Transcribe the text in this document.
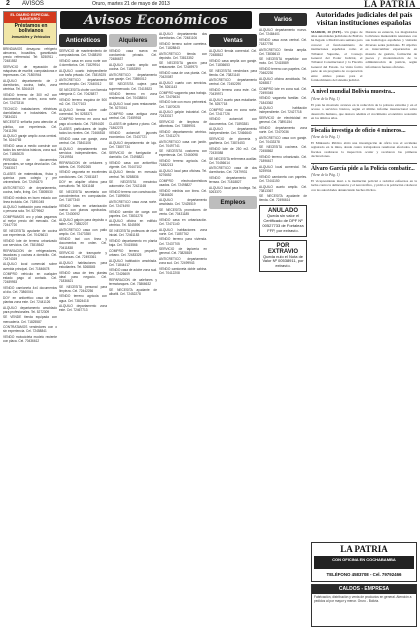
2 AVISOS	Oruro, martes 21 de mayo de 2013	LA PATRIA
Avisos Económicos
EL DIARIO ESPECIAL SANITARIO
Préstamos en bolivianos
Inmuebles y Vehículos

BRINDAMOS desayuno refrigerio almuerzo, bocaditos, garantizado precio referencial. Tel: 5250911 - 72481552

SERVICIO de reparación de máquinas de escribir, computadoras e impresoras. Cel. 71800944

ALQUILO departamento de 2 dormitorios, cocina, baño, zona céntrica. Tel. 5264419

VENDO terreno de 300 m2 con documentos en orden, zona norte. Cel. 72473316

TECNICO instalaciones eléctricas domiciliarias e industriales. Cel. 73834321

NECESITO señorita para atención al público, con experiencia. Cel. 70411296

ALQUILO garaje amplio zona central. Tel. 5244765

VENDO casa a medio construir con todos los servicios básicos, zona sud. Cel. 71863025

PERDIDA de documentos personales, se ruega devolución. Cel. 72483017

CLASES de matemáticas, física y química para colegio y pre universitario. Cel. 72491870

ANTICRETICO de departamento, cocina, baño, living. Cel. 73805530

VENDO minibús en buen estado con línea incluida. Cel. 71891045

ALQUILO habitación para estudiante o persona sola. Tel. 5279962

COMPRAMOS oro y plata pagamos al mejor precio del mercado. Cel. 72447720

SE NECESITA ayudante de cocina con experiencia. Cel. 70426613

VENDO lote de terreno urbanizado con servicios. Cel. 73815542

REPARACION de refrigeradores, lavadoras y cocinas a domicilio. Cel. 72474319

ALQUILO local comercial sobre avenida principal. Cel. 71846678

COMPRO vehículo en cualquier estado pago al contado. Cel. 72489953

VENDO camioneta 4x4 documentos al día. Cel. 73860041

DOY en anticrético casa de dos plantas zona este. Cel. 72441126

ALQUILO departamento amoblado para profesionales. Tel. 5272309

SE VENDE tienda equipada con mercadería. Cel. 71825587

CONTRATAMOS vendedores con o sin experiencia. Cel. 72458841

VENDO motocicleta modelo reciente con placa. Cel. 70436612

Anticréticos

SERVICIO de mantenimiento de computadoras. Cel. 72488190

VENDO casa en zona norte con 4 dormitorios. Cel. 71829914

ALQUILO cuarto independiente con baño privado. Cel. 73819225

ANTICRETICO departamento central amplio. Cel. 72440012

SE NECESITA chofer con licencia categoría C. Cel. 70428877

VENDO terreno esquina de 500 m2. Cel. 72477103

ALQUILO tienda sobre calle comercial. Tel. 5253371

COMPRO terreno en zona sud pago al contado. Cel. 71894420

CLASES particulares de inglés todos los niveles. Cel. 72466518

VENDO casa con garaje, zona central. Cel. 73841106

ALQUILO departamento con servicios independientes. Cel. 72419934

REPARACION de celulares y tablets. Cel. 70492265

VENDO vagoneta en excelentes condiciones. Cel. 72451187

DOY en alquiler oficina para consultorio. Tel. 5241168

SE NECESITA secretaria con conocimientos en computación. Cel. 71877340

VENDO lotes en urbanización nueva con planos aprobados. Cel. 72430092

ALQUILO galpón para depósito o taller. Cel. 73852207

ANTICRETICO casa con patio amplio. Cel. 72473350

VENDO taxi con línea y documentos en orden. Cel. 70411838

SERVICIO de transporte y mudanzas. Cel. 72493361

ALQUILO habitaciones para estudiantes. Tel. 5268845

VENDO casa de tres plantas ideal para negocio. Cel. 71836621

SE NECESITA personal para limpieza. Cel. 72442256

VENDO terreno agrícola con agua. Cel. 73824418

ALQUILO departamento zona este. Cel. 72467713

Alquileres

VENDO casa nueva en condominio privado. Cel. 72486637

ALQUILO cuarto amplio con cocina. Cel. 71853390

ANTICRETICO departamento con garaje. Cel. 73890012

SE NECESITA cajera para supermercado. Cel. 72415523

VENDO terreno en zona residencial. Cel. 70438804

ALQUILO local para restaurante. Tel. 5270041

COMPRO casa antigua zona central. Cel. 72459918

CLASES de guitarra y piano. Cel. 71862275

VENDO automóvil japonés económico. Cel. 72437721

ALQUILO departamento de lujo. Cel. 73807734

SERVICIO de fumigación a domicilio. Cel. 72498821

VENDO casa con anticrético vigente. Cel. 70447102

ALQUILO tienda en mercado central. Tel. 5258836

SE NECESITA mecánico automotriz. Cel. 72421165

VENDO terreno con construcción. Cel. 71899054

ANTICRETICO casa zona norte. Cel. 72474490

VENDO camión de carga con papeles. Cel. 73831278

ALQUILO oficina en edificio céntrico. Tel. 5245590

SE NECESITA profesora de nivel inicial. Cel. 72461183

VENDO departamento en planta baja. Cel. 70415566

COMPRO terreno pequeño urbano. Cel. 72483325

ALQUILO habitación amoblada. Cel. 71844417

VENDO casa de adobe zona sud. Cel. 72426609

REPARACION de calefones y termotanques. Cel. 73866632

SE NECESITA ayudante de albañil. Cel. 72452278

ALQUILO departamento dos dormitorios. Cel. 72481106

VENDO terreno sobre carretera. Cel. 71828843

ANTICRETICO tienda con depósito. Cel. 73813352

SE NECESITA garzón para restaurante. Cel. 72449970

VENDO casa de una planta. Cel. 70420087

ALQUILO cuarto con servicios. Tel. 5261143

COMPRO vagoneta para trabajo. Cel. 72476634

VENDO lote con muro perimetral. Cel. 71870025

ALQUILO galpón industrial. Cel. 72433317

SERVICIO de limpieza de alfombras. Cel. 73859901

VENDO departamento céntrico. Cel. 72411274

ANTICRETICO casa con jardín. Cel. 70497741

SE NECESITA costurera con experiencia. Cel. 72460098

VENDO terreno agrícola. Cel. 71882213

ALQUILO local para oficinas. Tel. 5276652

COMPRO electrodomésticos usados. Cel. 72498827

VENDO minibús con línea. Cel. 73846620

ALQUILO departamento amoblado. Cel. 72425519

SE NECESITA promotores de venta. Cel. 70431185

VENDO casa en urbanización. Cel. 72471140

ALQUILO habitaciones zona norte. Cel. 71857762

VENDO terreno para vivienda. Cel. 72437705

SERVICIO de tapicería en general. Cel. 73828819

ANTICRETICO departamento zona sud. Cel. 72499943

VENDO camioneta doble cabina. Cel. 70412208

Ventas

ALQUILO tienda comercial. Cel. 72488812

VENDO casa amplia con garaje. Cel. 71836653

SE NECESITA vendedora para tienda. Cel. 73821140

ANTICRETICO departamento central. Cel. 72452290

VENDO terreno zona este. Cel. 70439971

ALQUILO cuarto para estudiante. Tel. 5257718

COMPRO casa en zona norte. Cel. 72417726

VENDO automóvil con documentos. Cel. 71893381

ALQUILO departamento independiente. Cel. 72466640

SERVICIO de plomería y gasfitería. Cel. 73874453

VENDO lote de 250 m2. Cel. 72430088

SE NECESITA enfermera auxiliar. Cel. 70456614

ANTICRETICO casa de dos dormitorios. Cel. 72479931

VENDO departamento con terraza. Cel. 71818827

ALQUILO local para bodega. Tel. 5263370

Empleos
Varios

ALQUILO departamento nuevo. Cel. 72484401

VENDO casa zona central. Cel. 71827750

ANTICRETICO tienda amplia. Cel. 73836613

SE NECESITA repartidor con moto. Cel. 72415589

VENDO terreno con papeles. Cel. 70462230

ALQUILO oficina amoblada. Tel. 5248817

COMPRO lote en zona sud. Cel. 72490045

VENDO vagoneta familiar. Cel. 71843362

ALQUILO habitación independiente. Cel. 72427718

SERVICIO de electricidad en general. Cel. 73891154

VENDO departamento zona norte. Cel. 72470036

ANTICRETICO casa con garaje. Cel. 70433378

SE NECESITA cocinera. Cel. 72458862

VENDO terreno urbanizado. Cel. 71896617

ALQUILO local comercial. Tel. 5239904

VENDO camioneta con papeles. Cel. 72441150

ALQUILO cuarto amplio. Cel. 73813367

SE NECESITA ayudante de tienda. Cel. 72496614

ANULADO
Queda sin valor el Certificado de DPF Nº 00527733 de Fortaleza FFP, por extravío.
POR EXTRAVIO
Queda nulo el Nota de Valor Nº 00538911, por extravío.
Autoridades judiciales del país visitan instituciones españolas

MADRID, 20 (EFE).- Un grupo de altas autoridades judiciales de Bolivia ha llegado a Madrid esta semana para conocer el funcionamiento de instituciones españolas como el Tribunal Supremo, el Consejo General del Poder Judicial, el Tribunal Constitucional y la Fiscalía General del Estado. La visita forma parte de un programa de cooperación entre ambos países para el fortalecimiento del sistema judicial.

Durante su estancia, los magistrados bolivianos mantendrán reuniones con sus homólogos españoles y visitarán diversas sedes judiciales. El objetivo es intercambiar experiencias en materia de gestión, formación de jueces y modernización de la administración de justicia, según informaron fuentes oficiales.

A nivel mundial Bolivia muestra...
(Viene de la Pág. 1)

El país ha mostrado avances en la reducción de la pobreza extrema y en el acceso a servicios básicos, según el último informe internacional sobre desarrollo humano, que destaca además el crecimiento económico sostenido en los últimos años.

Fiscalía investiga de oficio 4 mineros...
(Viene de la Pág. 1)

El Ministerio Público abrió una investigación de oficio tras el accidente registrado en la mina, donde cuatro trabajadores resultaron afectados. Los fiscales realizaron la inspección ocular y recabaron las primeras declaraciones.

Álvaro García pide a la Policía combatir...
(Viene de la Pág. 1)

El vicepresidente instó a la institución policial a redoblar esfuerzos en la lucha contra la delincuencia y el narcotráfico, y pidió a la población colaborar con las autoridades denunciando hechos ilícitos.

LA PATRIA
CON OFICINA EN COCHABAMBA
TELÉFONO 4583708 - Cel. 79792466
CALDOS - EMPRESA
Fabricación, distribución y venta de productos en general. Atención a pedidos al por mayor y menor. Oruro - Bolivia.
